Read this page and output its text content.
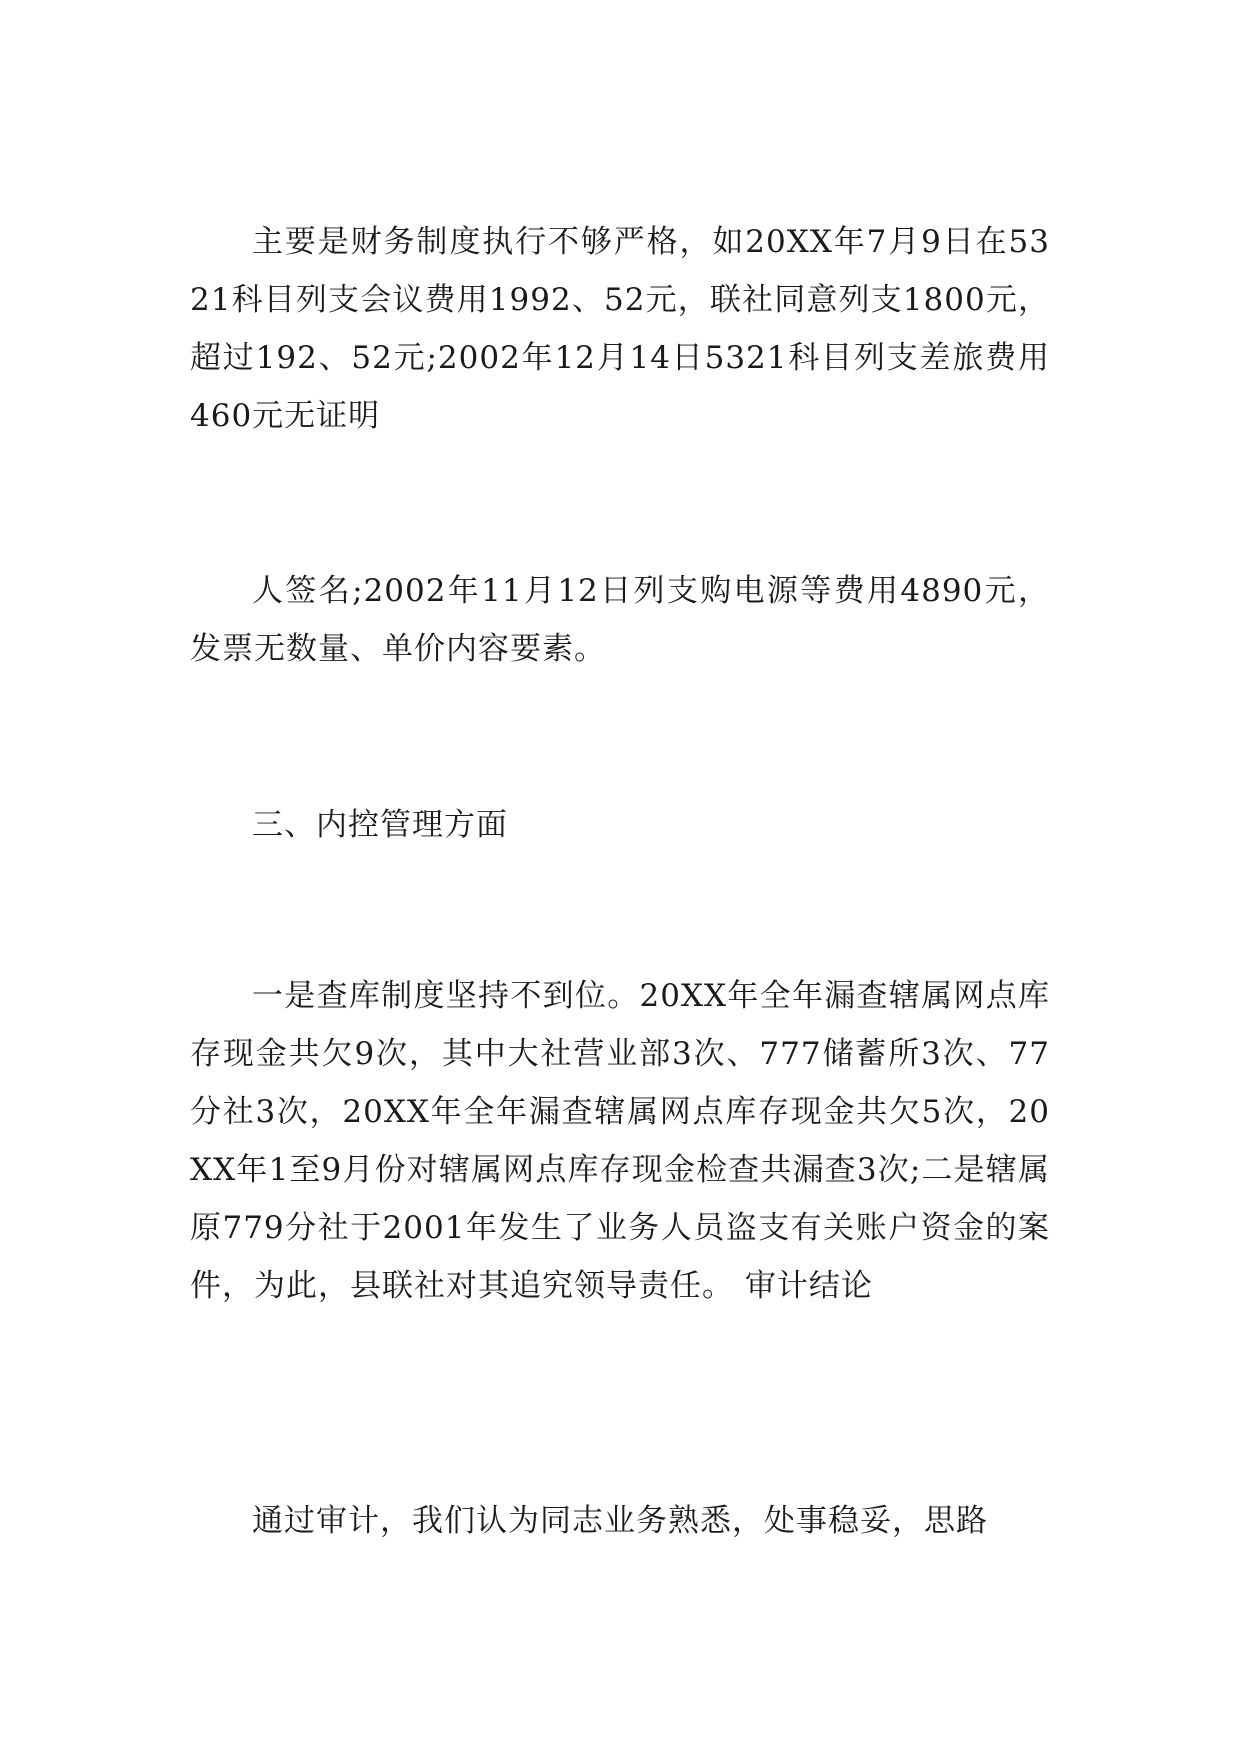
主要是财务制度执行不够严格，如20XX年7月9日在5321科目列支会议费用1992、52元，联社同意列支1800元，超过192、52元;2002年12月14日5321科目列支差旅费用460元无证明

人签名;2002年11月12日列支购电源等费用4890元，发票无数量、单价内容要素。

三、内控管理方面

一是查库制度坚持不到位。20XX年全年漏查辖属网点库存现金共欠9次，其中大社营业部3次、777储蓄所3次、77分社3次，20XX年全年漏查辖属网点库存现金共欠5次，20XX年1至9月份对辖属网点库存现金检查共漏查3次;二是辖属原779分社于2001年发生了业务人员盗支有关账户资金的案件，为此，县联社对其追究领导责任。 审计结论

通过审计，我们认为同志业务熟悉，处事稳妥，思路
